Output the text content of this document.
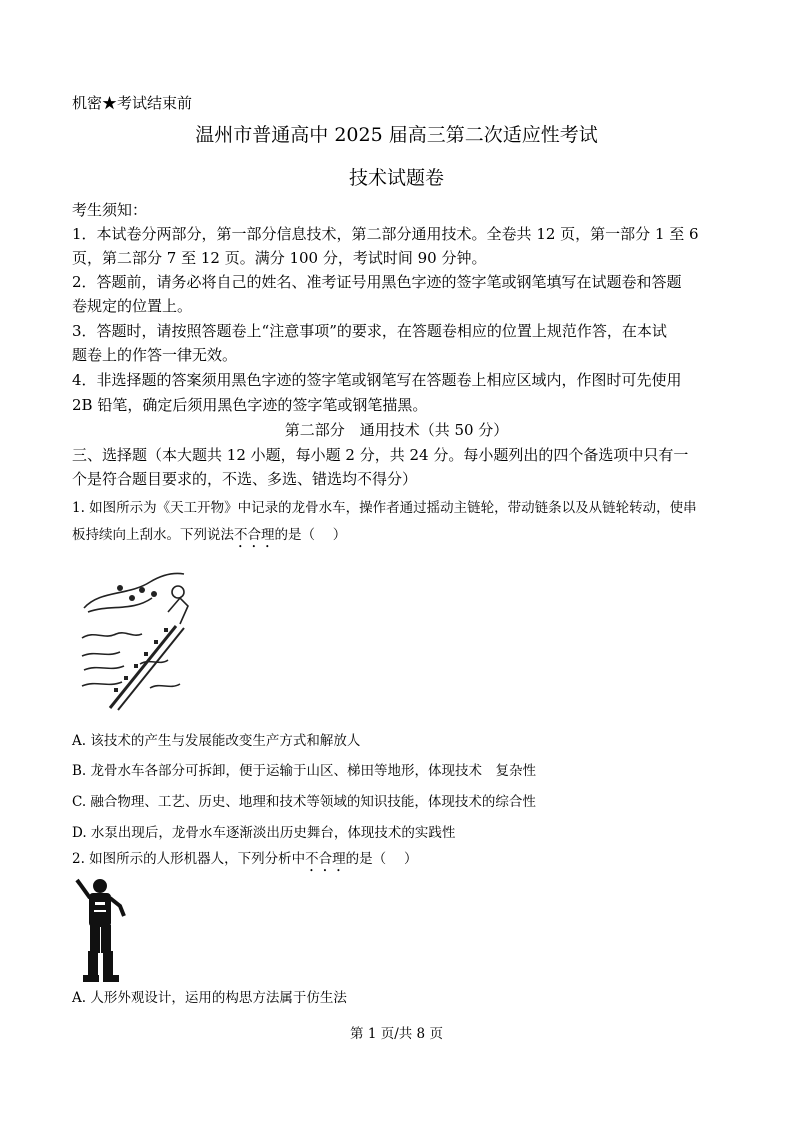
机密★考试结束前
温州市普通高中 2025 届高三第二次适应性考试
技术试题卷
考生须知：
1．本试卷分两部分，第一部分信息技术，第二部分通用技术。全卷共 12 页，第一部分 1 至 6
页，第二部分 7 至 12 页。满分 100 分，考试时间 90 分钟。
2．答题前，请务必将自己的姓名、准考证号用黑色字迹的签字笔或钢笔填写在试题卷和答题
卷规定的位置上。
3．答题时，请按照答题卷上“注意事项”的要求，在答题卷相应的位置上规范作答，在本试
题卷上的作答一律无效。
4．非选择题的答案须用黑色字迹的签字笔或钢笔写在答题卷上相应区域内，作图时可先使用
2B 铅笔，确定后须用黑色字迹的签字笔或钢笔描黑。
第二部分　通用技术（共 50 分）
三、选择题（本大题共 12 小题，每小题 2 分，共 24 分。每小题列出的四个备选项中只有一
个是符合题目要求的，不选、多选、错选均不得分）
1. 如图所示为《天工开物》中记录的龙骨水车，操作者通过摇动主链轮，带动链条以及从链轮转动，使串
板持续向上刮水。下列说法不合理的是（　 ）
A. 该技术的产生与发展能改变生产方式和解放人
B. 龙骨水车各部分可拆卸，便于运输于山区、梯田等地形，体现技术　复杂性
C. 融合物理、工艺、历史、地理和技术等领域的知识技能，体现技术的综合性
D. 水泵出现后，龙骨水车逐渐淡出历史舞台，体现技术的实践性
2. 如图所示的人形机器人，下列分析中不合理的是（　 ）
A. 人形外观设计，运用的构思方法属于仿生法
第 1 页/共 8 页
